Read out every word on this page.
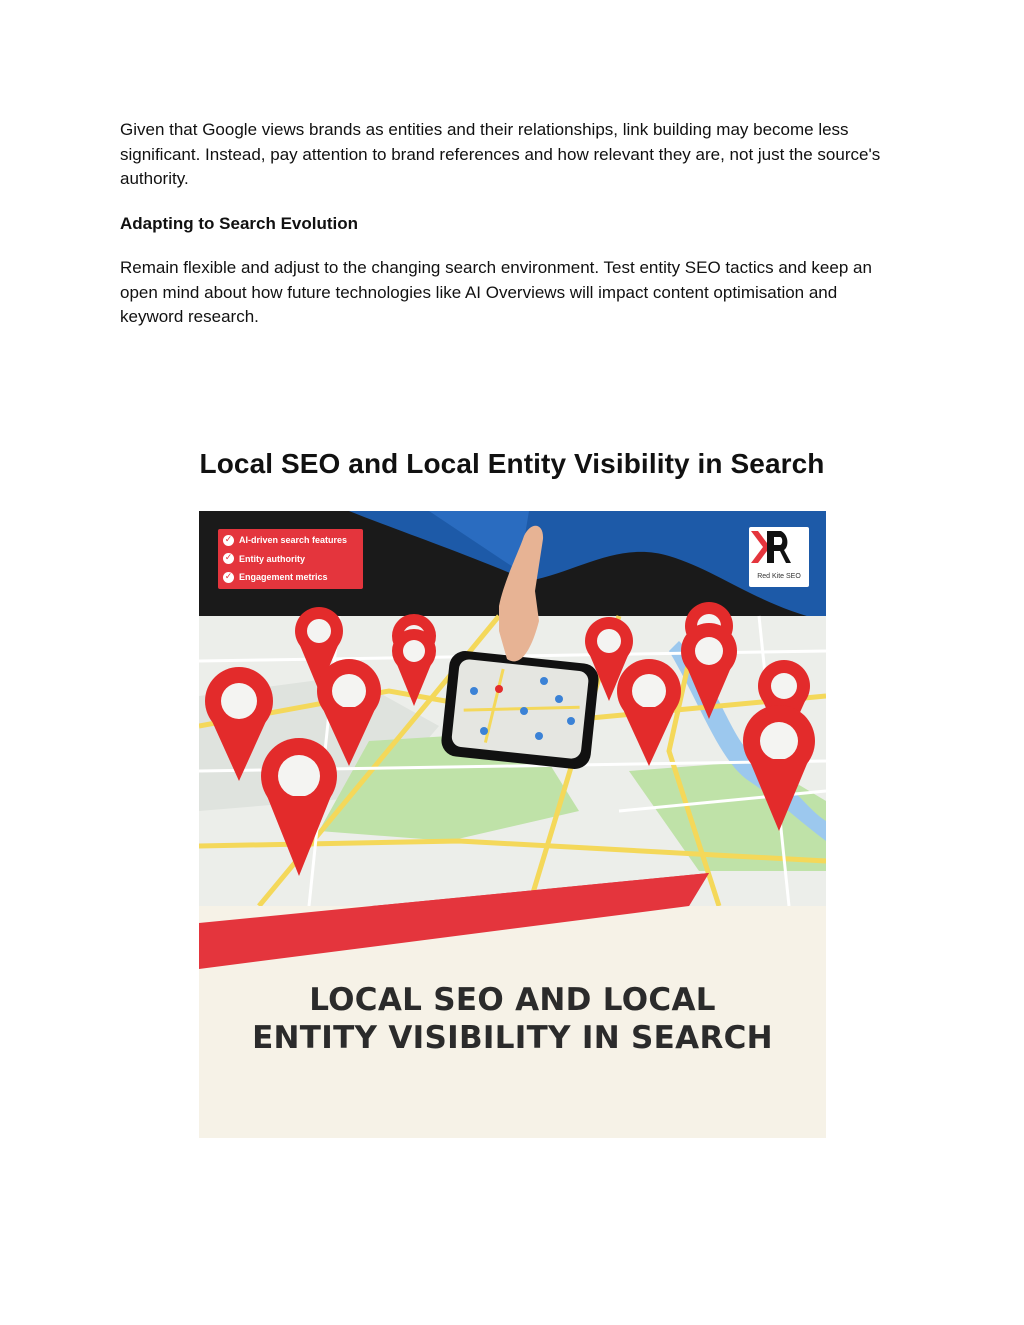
Given that Google views brands as entities and their relationships, link building may become less significant. Instead, pay attention to brand references and how relevant they are, not just the source's authority.

Adapting to Search Evolution

Remain flexible and adjust to the changing search environment. Test entity SEO tactics and keep an open mind about how future technologies like AI Overviews will impact content optimisation and keyword research.

Local SEO and Local Entity Visibility in Search
✓ AI-driven search features
✓ Entity authority
✓ Engagement metrics	Red Kite SEO
LOCAL SEO AND LOCAL
ENTITY VISIBILITY IN SEARCH
